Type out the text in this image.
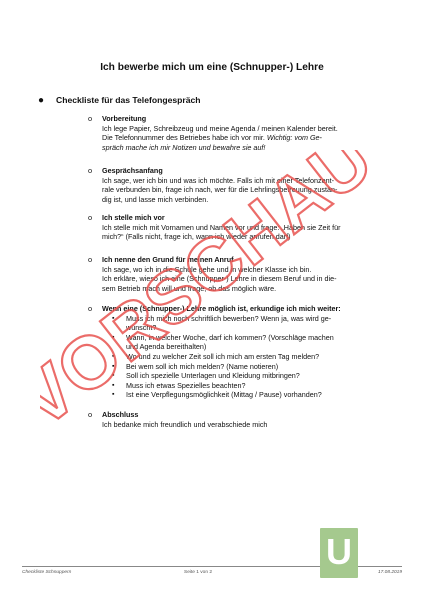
Ich bewerbe mich um eine (Schnupper-) Lehre
● Checkliste für das Telefongespräch
o Vorbereitung
Ich lege Papier, Schreibzeug und meine Agenda / meinen Kalender bereit.
Die Telefonnummer des Betriebes habe ich vor mir. Wichtig: vom Ge-
spräch mache ich mir Notizen und bewahre sie auf!
o Gesprächsanfang
Ich sage, wer ich bin und was ich möchte. Falls ich mit einer Telefonzent-
rale verbunden bin, frage ich nach, wer für die Lehrlingsbetreuung zustän-
dig ist, und lasse mich verbinden.
o Ich stelle mich vor
Ich stelle mich mit Vornamen und Namen vor und frage: „Haben sie Zeit für
mich?“ (Falls nicht, frage ich, wann ich wieder anrufen darf)
o Ich nenne den Grund für meinen Anruf
Ich sage, wo ich in die Schule gehe und in welcher Klasse ich bin.
Ich erkläre, wieso ich eine (Schnupper-) Lehre in diesem Beruf und in die-
sem Betrieb mach will und frage, ob das möglich wäre.
o Wenn eine (Schnupper-) Lehre möglich ist, erkundige ich mich weiter:
▪ Muss ich mich noch schriftlich bewerben? Wenn ja, was wird ge-
wünscht?
▪ Wann, in welcher Woche, darf ich kommen? (Vorschläge machen
und Agenda bereithalten)
▪ Wo und zu welcher Zeit soll ich mich am ersten Tag melden?
▪ Bei wem soll ich mich melden? (Name notieren)
▪ Soll ich spezielle Unterlagen und Kleidung mitbringen?
▪ Muss ich etwas Spezielles beachten?
▪ Ist eine Verpflegungsmöglichkeit (Mittag / Pause) vorhanden?
o Abschluss
Ich bedanke mich freundlich und verabschiede mich
VORSCHAU
Checkliste Schnuppern	Seite 1 von 2	17.08.2019
U
